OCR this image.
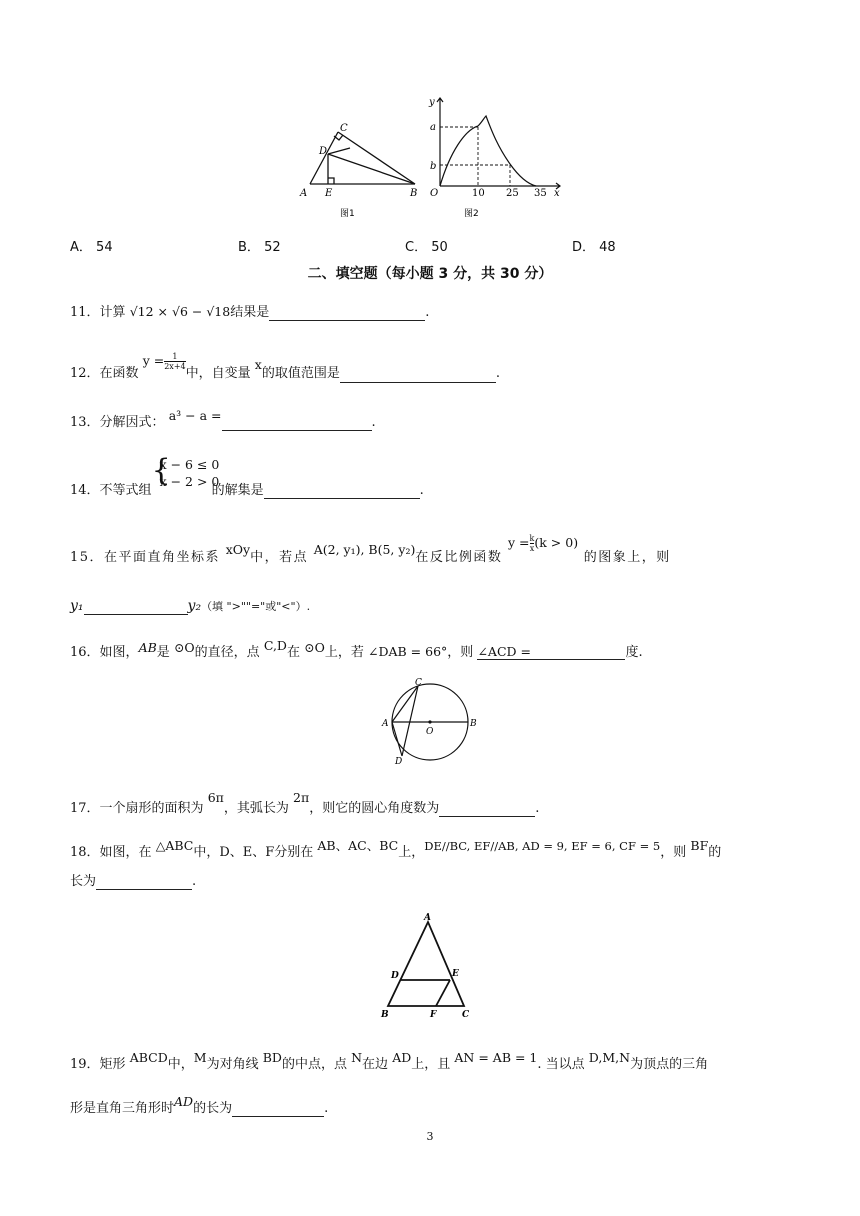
C
D
A E	B
图1
y
a
b
O	10 25 35 x
图2
A． 54	B． 52	C． 50	D． 48
二、填空题（每小题 3 分，共 30 分）
11．计算 √12 × √6 − √18结果是	.
12．在函数 $y = \frac{1}{2x+4}$
中，自变量 x的取值范围是	.
13．分解因式： a³ − a =	.
14．不等式组
{
x − 6 ≤ 0
x − 2 > 0
的解集是	.
15．在平面直角坐标系 xOy中，若点 A(2, y₁), B(5, y₂)在反比例函数 $y = \frac{k}{x} (k > 0)$ 的图象上，则
y₁	y₂（填 ">""="或"<"）.
16．如图，AB是 ⊙O的直径，点 C,D在 ⊙O上，若 ∠DAB = 66°，则 ∠ACD =	度.
C
A	B
O
D
17．一个扇形的面积为 6π，其弧长为 2π，则它的圆心角度数为	.
18．如图，在 △ABC中，D、E、F分别在 AB、AC、BC上，DE//BC, EF//AB, AD = 9, EF = 6, CF = 5，则 BF的
长为	.
A
D	E
B	F	C
19．矩形 ABCD中，M为对角线 BD的中点，点 N在边 AD上，且 AN = AB = 1. 当以点 D,M,N为顶点的三角
形是直角三角形时AD的长为	.
3
